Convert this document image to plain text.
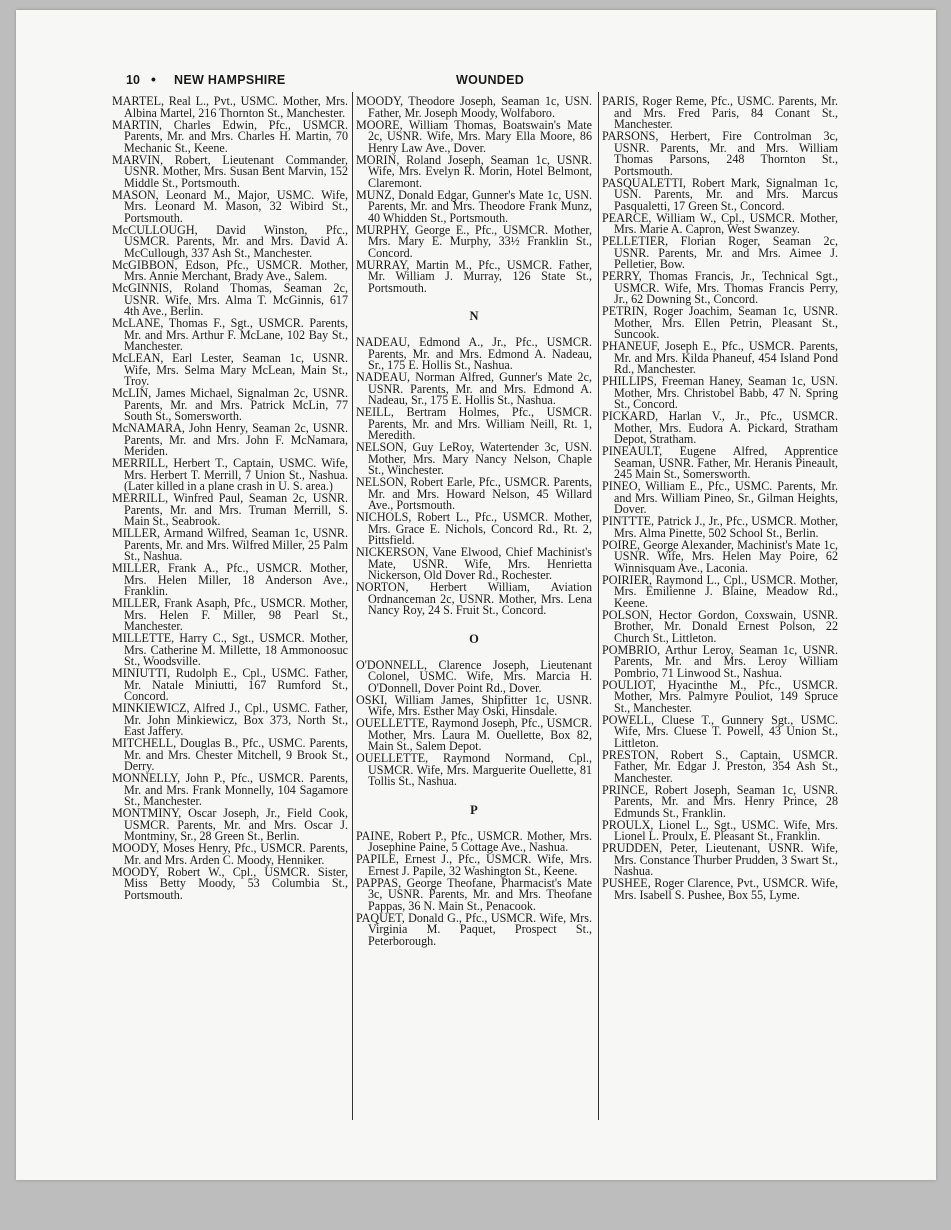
10 • NEW HAMPSHIRE	WOUNDED
MARTEL, Real L., Pvt., USMC. Mother, Mrs. Albina Martel, 216 Thornton St., Manchester.
MARTIN, Charles Edwin, Pfc., USMCR. Parents, Mr. and Mrs. Charles H. Martin, 70 Mechanic St., Keene.
MARVIN, Robert, Lieutenant Commander, USNR. Mother, Mrs. Susan Bent Marvin, 152 Middle St., Portsmouth.
MASON, Leonard M., Major, USMC. Wife, Mrs. Leonard M. Mason, 32 Wibird St., Portsmouth.
McCULLOUGH, David Winston, Pfc., USMCR. Parents, Mr. and Mrs. David A. McCullough, 337 Ash St., Manchester.
McGIBBON, Edson, Pfc., USMCR. Mother, Mrs. Annie Merchant, Brady Ave., Salem.
McGINNIS, Roland Thomas, Seaman 2c, USNR. Wife, Mrs. Alma T. McGinnis, 617 4th Ave., Berlin.
McLANE, Thomas F., Sgt., USMCR. Parents, Mr. and Mrs. Arthur F. McLane, 102 Bay St., Manchester.
McLEAN, Earl Lester, Seaman 1c, USNR. Wife, Mrs. Selma Mary McLean, Main St., Troy.
McLIN, James Michael, Signalman 2c, USNR. Parents, Mr. and Mrs. Patrick McLin, 77 South St., Somersworth.
McNAMARA, John Henry, Seaman 2c, USNR. Parents, Mr. and Mrs. John F. McNamara, Meriden.
MERRILL, Herbert T., Captain, USMC. Wife, Mrs. Herbert T. Merrill, 7 Union St., Nashua. (Later killed in a plane crash in U. S. area.)
MERRILL, Winfred Paul, Seaman 2c, USNR. Parents, Mr. and Mrs. Truman Merrill, S. Main St., Seabrook.
MILLER, Armand Wilfred, Seaman 1c, USNR. Parents, Mr. and Mrs. Wilfred Miller, 25 Palm St., Nashua.
MILLER, Frank A., Pfc., USMCR. Mother, Mrs. Helen Miller, 18 Anderson Ave., Franklin.
MILLER, Frank Asaph, Pfc., USMCR. Mother, Mrs. Helen F. Miller, 98 Pearl St., Manchester.
MILLETTE, Harry C., Sgt., USMCR. Mother, Mrs. Catherine M. Millette, 18 Ammonoosuc St., Woodsville.
MINIUTTI, Rudolph E., Cpl., USMC. Father, Mr. Natale Miniutti, 167 Rumford St., Concord.
MINKIEWICZ, Alfred J., Cpl., USMC. Father, Mr. John Minkiewicz, Box 373, North St., East Jaffery.
MITCHELL, Douglas B., Pfc., USMC. Parents, Mr. and Mrs. Chester Mitchell, 9 Brook St., Derry.
MONNELLY, John P., Pfc., USMCR. Parents, Mr. and Mrs. Frank Monnelly, 104 Sagamore St., Manchester.
MONTMINY, Oscar Joseph, Jr., Field Cook, USMCR. Parents, Mr. and Mrs. Oscar J. Montminy, Sr., 28 Green St., Berlin.
MOODY, Moses Henry, Pfc., USMCR. Parents, Mr. and Mrs. Arden C. Moody, Henniker.
MOODY, Robert W., Cpl., USMCR. Sister, Miss Betty Moody, 53 Columbia St., Portsmouth.
MOODY, Theodore Joseph, Seaman 1c, USN. Father, Mr. Joseph Moody, Wolfaboro.
MOORE, William Thomas, Boatswain's Mate 2c, USNR. Wife, Mrs. Mary Ella Moore, 86 Henry Law Ave., Dover.
MORIN, Roland Joseph, Seaman 1c, USNR. Wife, Mrs. Evelyn R. Morin, Hotel Belmont, Claremont.
MUNZ, Donald Edgar, Gunner's Mate 1c, USN. Parents, Mr. and Mrs. Theodore Frank Munz, 40 Whidden St., Portsmouth.
MURPHY, George E., Pfc., USMCR. Mother, Mrs. Mary E. Murphy, 33½ Franklin St., Concord.
MURRAY, Martin M., Pfc., USMCR. Father, Mr. William J. Murray, 126 State St., Portsmouth.
N
NADEAU, Edmond A., Jr., Pfc., USMCR. Parents, Mr. and Mrs. Edmond A. Nadeau, Sr., 175 E. Hollis St., Nashua.
NADEAU, Norman Alfred, Gunner's Mate 2c, USNR. Parents, Mr. and Mrs. Edmond A. Nadeau, Sr., 175 E. Hollis St., Nashua.
NEILL, Bertram Holmes, Pfc., USMCR. Parents, Mr. and Mrs. William Neill, Rt. 1, Meredith.
NELSON, Guy LeRoy, Watertender 3c, USN. Mother, Mrs. Mary Nancy Nelson, Chaple St., Winchester.
NELSON, Robert Earle, Pfc., USMCR. Parents, Mr. and Mrs. Howard Nelson, 45 Willard Ave., Portsmouth.
NICHOLS, Robert L., Pfc., USMCR. Mother, Mrs. Grace E. Nichols, Concord Rd., Rt. 2, Pittsfield.
NICKERSON, Vane Elwood, Chief Machinist's Mate, USNR. Wife, Mrs. Henrietta Nickerson, Old Dover Rd., Rochester.
NORTON, Herbert William, Aviation Ordnanceman 2c, USNR. Mother, Mrs. Lena Nancy Roy, 24 S. Fruit St., Concord.
O
O'DONNELL, Clarence Joseph, Lieutenant Colonel, USMC. Wife, Mrs. Marcia H. O'Donnell, Dover Point Rd., Dover.
OSKI, William James, Shipfitter 1c, USNR. Wife, Mrs. Esther May Oski, Hinsdale.
OUELLETTE, Raymond Joseph, Pfc., USMCR. Mother, Mrs. Laura M. Ouellette, Box 82, Main St., Salem Depot.
OUELLETTE, Raymond Normand, Cpl., USMCR. Wife, Mrs. Marguerite Ouellette, 81 Tollis St., Nashua.
P
PAINE, Robert P., Pfc., USMCR. Mother, Mrs. Josephine Paine, 5 Cottage Ave., Nashua.
PAPILE, Ernest J., Pfc., USMCR. Wife, Mrs. Ernest J. Papile, 32 Washington St., Keene.
PAPPAS, George Theofane, Pharmacist's Mate 3c, USNR. Parents, Mr. and Mrs. Theofane Pappas, 36 N. Main St., Penacook.
PAQUET, Donald G., Pfc., USMCR. Wife, Mrs. Virginia M. Paquet, Prospect St., Peterborough.
PARIS, Roger Reme, Pfc., USMC. Parents, Mr. and Mrs. Fred Paris, 84 Conant St., Manchester.
PARSONS, Herbert, Fire Controlman 3c, USNR. Parents, Mr. and Mrs. William Thomas Parsons, 248 Thornton St., Portsmouth.
PASQUALETTI, Robert Mark, Signalman 1c, USN. Parents, Mr. and Mrs. Marcus Pasqualetti, 17 Green St., Concord.
PEARCE, William W., Cpl., USMCR. Mother, Mrs. Marie A. Capron, West Swanzey.
PELLETIER, Florian Roger, Seaman 2c, USNR. Parents, Mr. and Mrs. Aimee J. Pelletier, Bow.
PERRY, Thomas Francis, Jr., Technical Sgt., USMCR. Wife, Mrs. Thomas Francis Perry, Jr., 62 Downing St., Concord.
PETRIN, Roger Joachim, Seaman 1c, USNR. Mother, Mrs. Ellen Petrin, Pleasant St., Suncook.
PHANEUF, Joseph E., Pfc., USMCR. Parents, Mr. and Mrs. Kilda Phaneuf, 454 Island Pond Rd., Manchester.
PHILLIPS, Freeman Haney, Seaman 1c, USN. Mother, Mrs. Christobel Babb, 47 N. Spring St., Concord.
PICKARD, Harlan V., Jr., Pfc., USMCR. Mother, Mrs. Eudora A. Pickard, Stratham Depot, Stratham.
PINEAULT, Eugene Alfred, Apprentice Seaman, USNR. Father, Mr. Heranis Pineault, 245 Main St., Somersworth.
PINEO, William E., Pfc., USMC. Parents, Mr. and Mrs. William Pineo, Sr., Gilman Heights, Dover.
PINTTTE, Patrick J., Jr., Pfc., USMCR. Mother, Mrs. Alma Pinette, 502 School St., Berlin.
POIRE, George Alexander, Machinist's Mate 1c, USNR. Wife, Mrs. Helen May Poire, 62 Winnisquam Ave., Laconia.
POIRIER, Raymond L., Cpl., USMCR. Mother, Mrs. Emilienne J. Blaine, Meadow Rd., Keene.
POLSON, Hector Gordon, Coxswain, USNR. Brother, Mr. Donald Ernest Polson, 22 Church St., Littleton.
POMBRIO, Arthur Leroy, Seaman 1c, USNR. Parents, Mr. and Mrs. Leroy William Pombrio, 71 Linwood St., Nashua.
POULIOT, Hyacinthe M., Pfc., USMCR. Mother, Mrs. Palmyre Pouliot, 149 Spruce St., Manchester.
POWELL, Cluese T., Gunnery Sgt., USMC. Wife, Mrs. Cluese T. Powell, 43 Union St., Littleton.
PRESTON, Robert S., Captain, USMCR. Father, Mr. Edgar J. Preston, 354 Ash St., Manchester.
PRINCE, Robert Joseph, Seaman 1c, USNR. Parents, Mr. and Mrs. Henry Prince, 28 Edmunds St., Franklin.
PROULX, Lionel L., Sgt., USMC. Wife, Mrs. Lionel L. Proulx, E. Pleasant St., Franklin.
PRUDDEN, Peter, Lieutenant, USNR. Wife, Mrs. Constance Thurber Prudden, 3 Swart St., Nashua.
PUSHEE, Roger Clarence, Pvt., USMCR. Wife, Mrs. Isabell S. Pushee, Box 55, Lyme.
